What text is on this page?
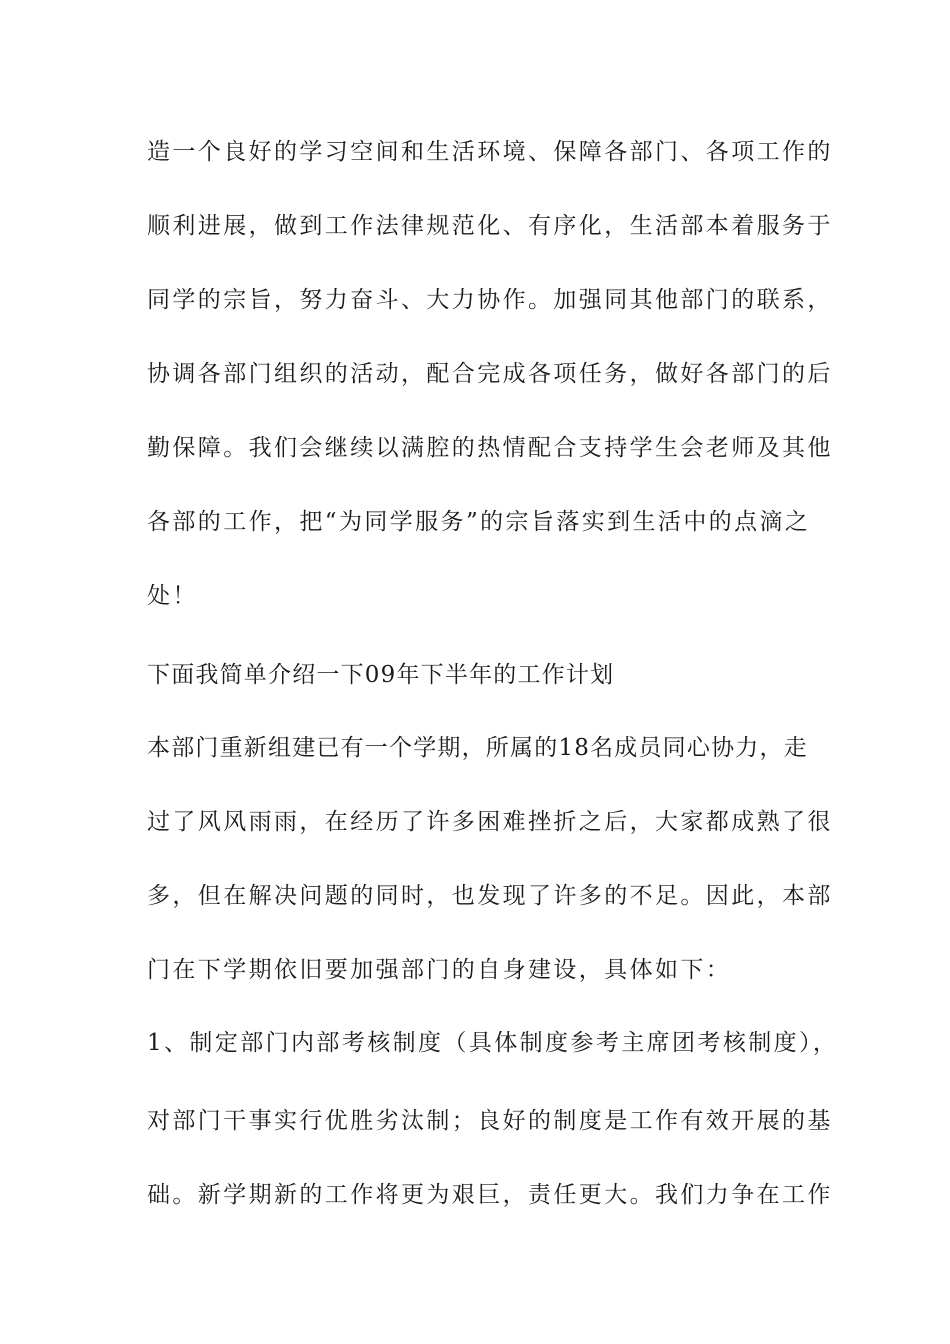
造一个良好的学习空间和生活环境、保障各部门、各项工作的
顺利进展，做到工作法律规范化、有序化，生活部本着服务于
同学的宗旨，努力奋斗、大力协作。加强同其他部门的联系，
协调各部门组织的活动，配合完成各项任务，做好各部门的后
勤保障。我们会继续以满腔的热情配合支持学生会老师及其他
各部的工作，把“为同学服务”的宗旨落实到生活中的点滴之
处！
下面我简单介绍一下09年下半年的工作计划
本部门重新组建已有一个学期，所属的18名成员同心协力，走
过了风风雨雨，在经历了许多困难挫折之后，大家都成熟了很
多，但在解决问题的同时，也发现了许多的不足。因此，本部
门在下学期依旧要加强部门的自身建设，具体如下：
1、制定部门内部考核制度（具体制度参考主席团考核制度），
对部门干事实行优胜劣汰制；良好的制度是工作有效开展的基
础。新学期新的工作将更为艰巨，责任更大。我们力争在工作
